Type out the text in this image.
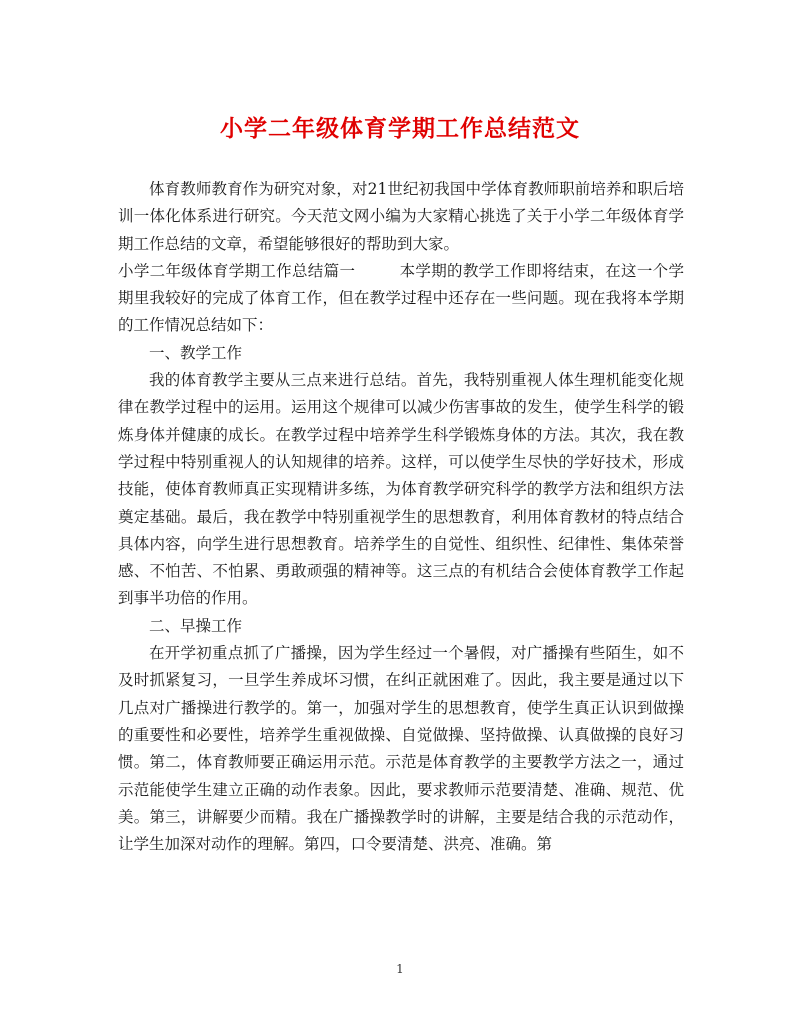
小学二年级体育学期工作总结范文

体育教师教育作为研究对象，对21世纪初我国中学体育教师职前培养和职后培训一体化体系进行研究。今天范文网小编为大家精心挑选了关于小学二年级体育学期工作总结的文章，希望能够很好的帮助到大家。

小学二年级体育学期工作总结篇一	本学期的教学工作即将结束，在这一个学期里我较好的完成了体育工作，但在教学过程中还存在一些问题。现在我将本学期的工作情况总结如下：

一、教学工作

我的体育教学主要从三点来进行总结。首先，我特别重视人体生理机能变化规律在教学过程中的运用。运用这个规律可以减少伤害事故的发生，使学生科学的锻炼身体并健康的成长。在教学过程中培养学生科学锻炼身体的方法。其次，我在教学过程中特别重视人的认知规律的培养。这样，可以使学生尽快的学好技术，形成技能，使体育教师真正实现精讲多练，为体育教学研究科学的教学方法和组织方法奠定基础。最后，我在教学中特别重视学生的思想教育，利用体育教材的特点结合具体内容，向学生进行思想教育。培养学生的自觉性、组织性、纪律性、集体荣誉感、不怕苦、不怕累、勇敢顽强的精神等。这三点的有机结合会使体育教学工作起到事半功倍的作用。

二、早操工作

在开学初重点抓了广播操，因为学生经过一个暑假，对广播操有些陌生，如不及时抓紧复习，一旦学生养成坏习惯，在纠正就困难了。因此，我主要是通过以下几点对广播操进行教学的。第一，加强对学生的思想教育，使学生真正认识到做操的重要性和必要性，培养学生重视做操、自觉做操、坚持做操、认真做操的良好习惯。第二，体育教师要正确运用示范。示范是体育教学的主要教学方法之一，通过示范能使学生建立正确的动作表象。因此，要求教师示范要清楚、准确、规范、优美。第三，讲解要少而精。我在广播操教学时的讲解，主要是结合我的示范动作，让学生加深对动作的理解。第四，口令要清楚、洪亮、准确。第

1
